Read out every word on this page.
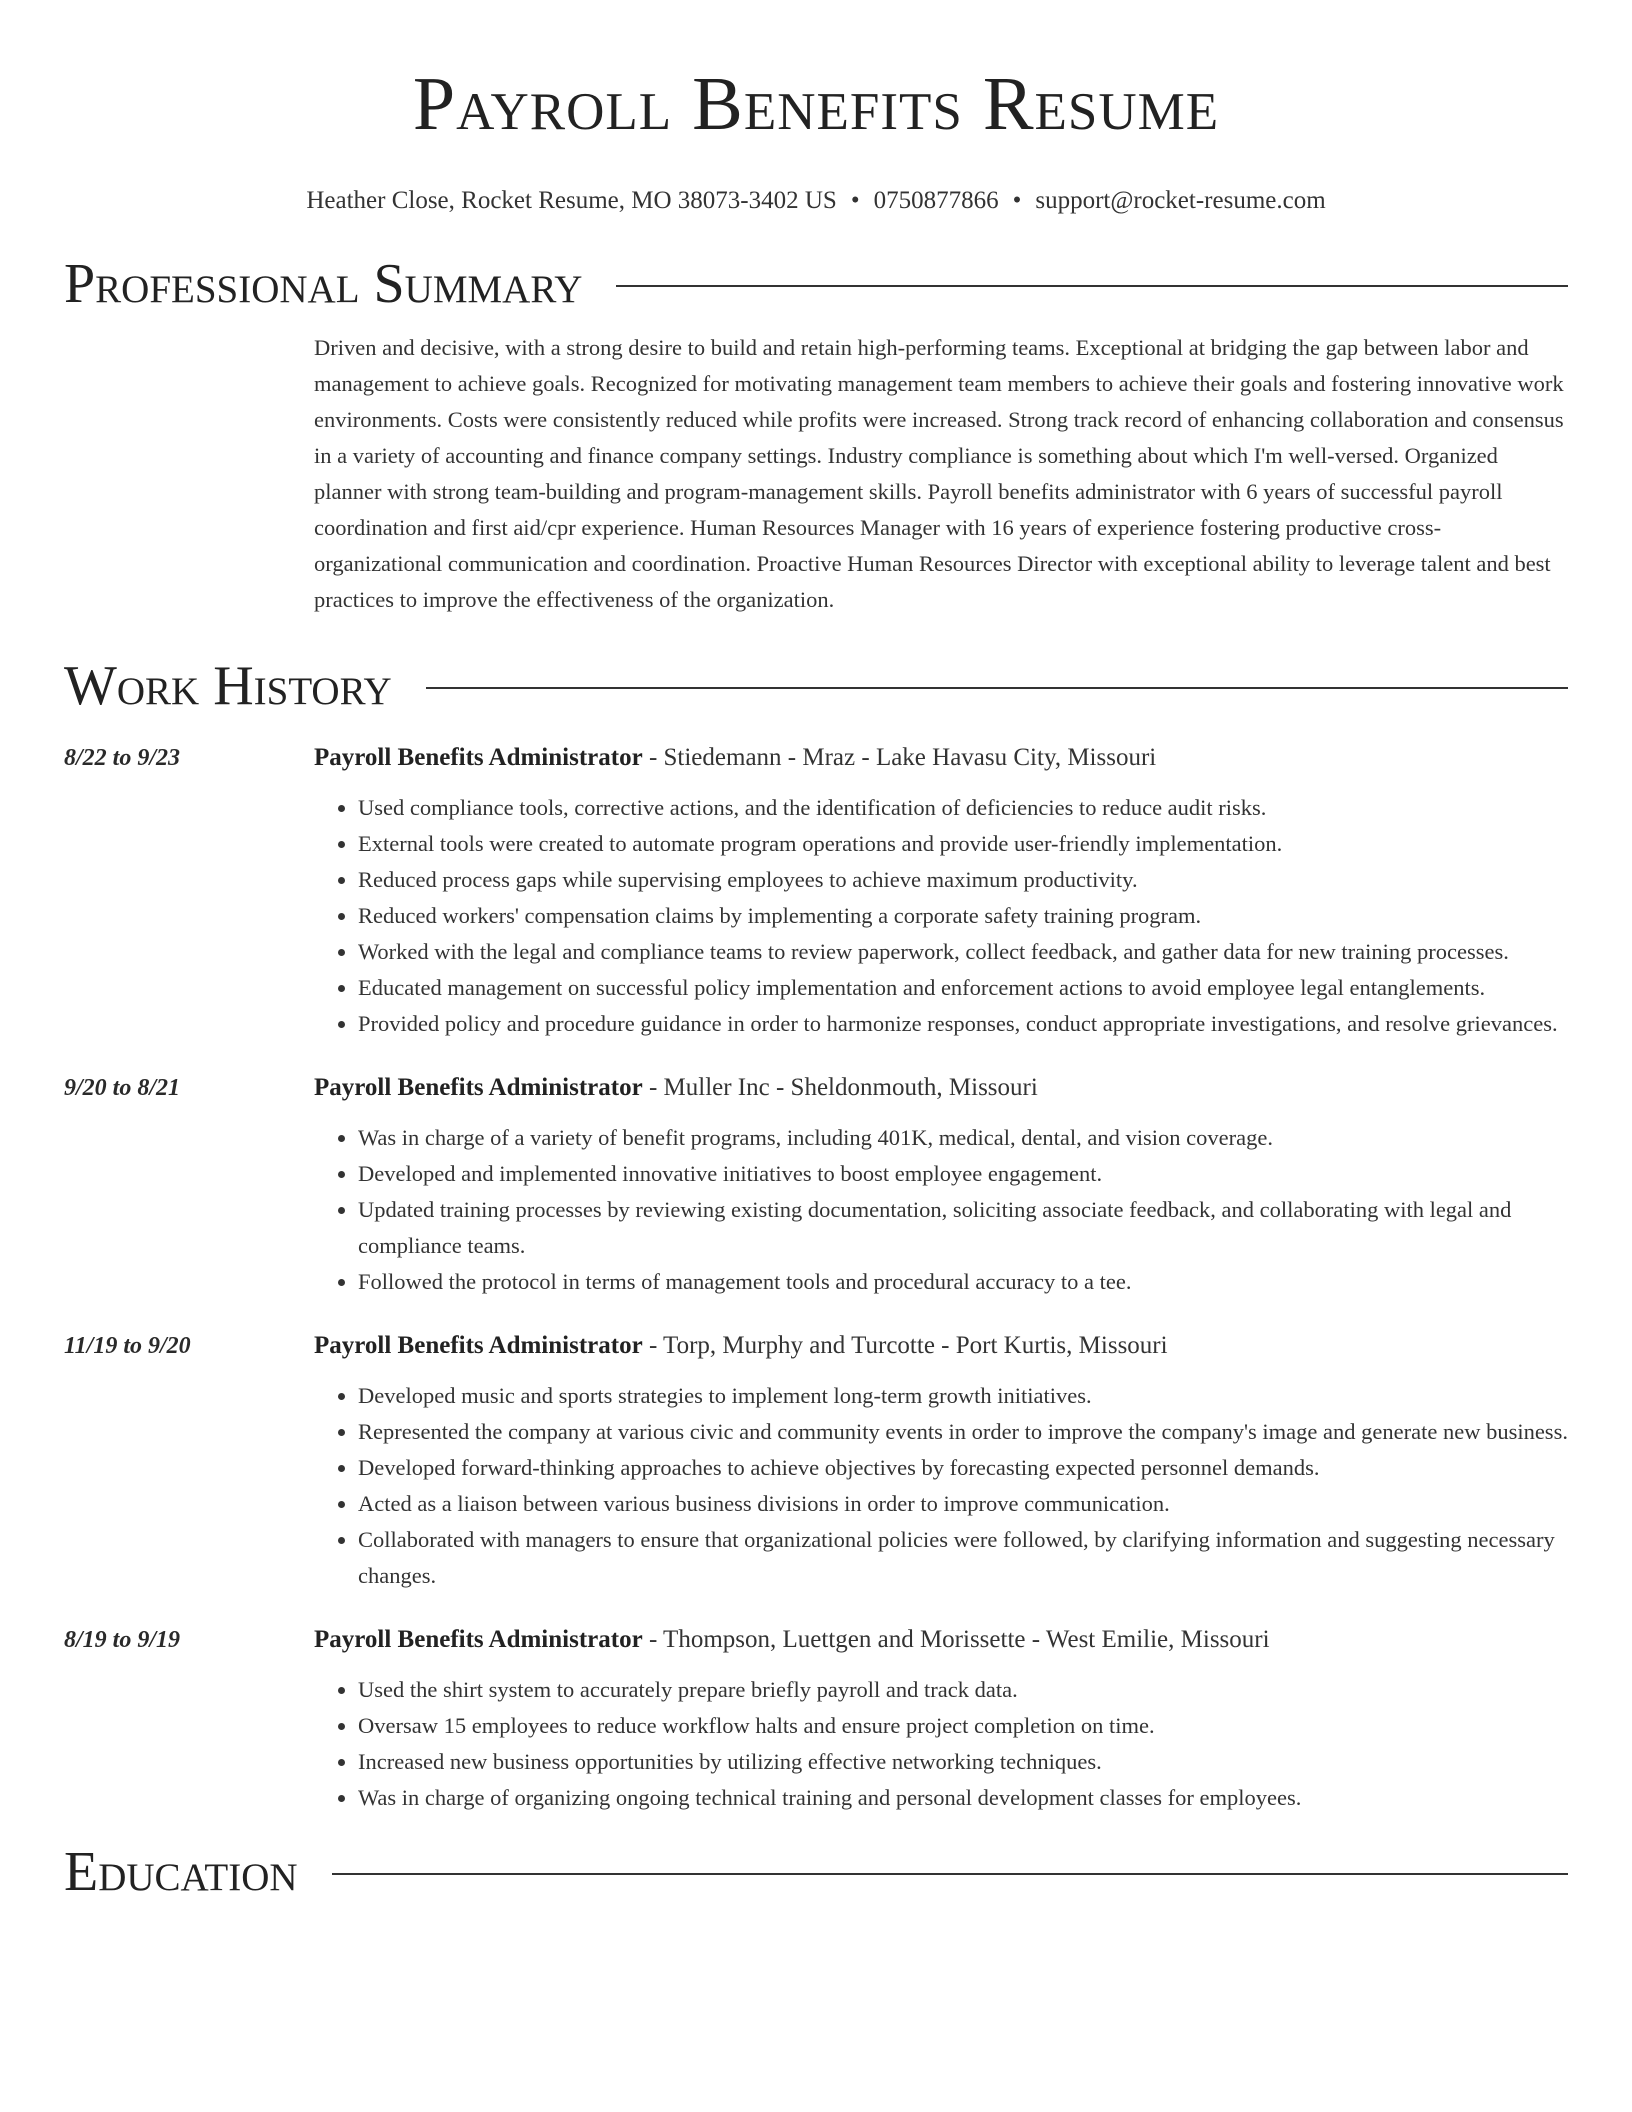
Payroll Benefits Resume
Heather Close, Rocket Resume, MO 38073-3402 US • 0750877866 • support@rocket-resume.com
Professional Summary
Driven and decisive, with a strong desire to build and retain high-performing teams. Exceptional at bridging the gap between labor and management to achieve goals. Recognized for motivating management team members to achieve their goals and fostering innovative work environments. Costs were consistently reduced while profits were increased. Strong track record of enhancing collaboration and consensus in a variety of accounting and finance company settings. Industry compliance is something about which I'm well-versed. Organized planner with strong team-building and program-management skills. Payroll benefits administrator with 6 years of successful payroll coordination and first aid/cpr experience. Human Resources Manager with 16 years of experience fostering productive cross-organizational communication and coordination. Proactive Human Resources Director with exceptional ability to leverage talent and best practices to improve the effectiveness of the organization.
Work History
8/22 to 9/23	Payroll Benefits Administrator - Stiedemann - Mraz - Lake Havasu City, Missouri
• Used compliance tools, corrective actions, and the identification of deficiencies to reduce audit risks.
• External tools were created to automate program operations and provide user-friendly implementation.
• Reduced process gaps while supervising employees to achieve maximum productivity.
• Reduced workers' compensation claims by implementing a corporate safety training program.
• Worked with the legal and compliance teams to review paperwork, collect feedback, and gather data for new training processes.
• Educated management on successful policy implementation and enforcement actions to avoid employee legal entanglements.
• Provided policy and procedure guidance in order to harmonize responses, conduct appropriate investigations, and resolve grievances.
9/20 to 8/21	Payroll Benefits Administrator - Muller Inc - Sheldonmouth, Missouri
• Was in charge of a variety of benefit programs, including 401K, medical, dental, and vision coverage.
• Developed and implemented innovative initiatives to boost employee engagement.
• Updated training processes by reviewing existing documentation, soliciting associate feedback, and collaborating with legal and compliance teams.
• Followed the protocol in terms of management tools and procedural accuracy to a tee.
11/19 to 9/20	Payroll Benefits Administrator - Torp, Murphy and Turcotte - Port Kurtis, Missouri
• Developed music and sports strategies to implement long-term growth initiatives.
• Represented the company at various civic and community events in order to improve the company's image and generate new business.
• Developed forward-thinking approaches to achieve objectives by forecasting expected personnel demands.
• Acted as a liaison between various business divisions in order to improve communication.
• Collaborated with managers to ensure that organizational policies were followed, by clarifying information and suggesting necessary changes.
8/19 to 9/19	Payroll Benefits Administrator - Thompson, Luettgen and Morissette - West Emilie, Missouri
• Used the shirt system to accurately prepare briefly payroll and track data.
• Oversaw 15 employees to reduce workflow halts and ensure project completion on time.
• Increased new business opportunities by utilizing effective networking techniques.
• Was in charge of organizing ongoing technical training and personal development classes for employees.
Education
